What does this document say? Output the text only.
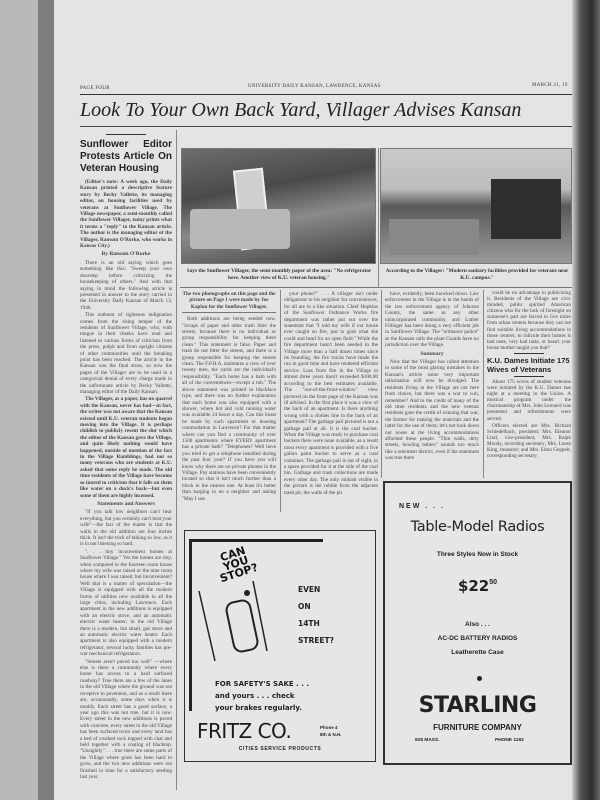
PAGE FOUR	UNIVERSITY DAILY KANSAN, LAWRENCE, KANSAS	MARCH 21, 19
Look To Your Own Back Yard, Villager Advises Kansan
Sunflower Editor Protests Article On Veteran Housing

(Editor's note: A week ago, the Daily Kansan printed a descriptive feature story by Becky Vallette, its managing editor, on housing facilities used by veterans at Sunflower Village. The Village newspaper, a semi-monthly called the Sunflower Villager, today prints what it terms a "reply" to the Kansan article. The author is the managing editor of the Villager, Ransom O'Rorke, who works in Kansas City.)

By Ransom O'Rorke

There is an old saying which goes something like this: "Sweep your own doorstep before criticizing the housekeeping of others." And with that saying in mind the following article is presented in answer to the story carried in the University Daily Kansan of March 13, 1946.

This outburst of righteous indignation comes from the rising temper of the residents of Sunflower Village, who, with tongue in their cheeks have read and listened to various forms of criticism from the press, pulpit and from upright citizens of other communities until the breaking point has been reached. The article in the Kansan was the final straw, so now the pages of the Villager are to be used in a categorical denial of every charge made in the unfortunate article by Becky Vallette, managing editor of the Daily Kansan.

The Villager, as a paper, has no quarrel with the Kansan, never has had—in fact, the writer was not aware that the Kansan existed until K.U. veteran students began moving into the Village. It is perhaps childish to publicly resent the slur which the editor of the Kansan gave the Village, and quite likely nothing would have happened, outside of mention of the fact in the Village Ramblings, had not so many veterans who are students at K.U. asked that some reply be made. The old time residents of the Village have become so inured to criticism that it falls on them like water on a duck's back—but even some of them are highly incensed.

Statements and Answers

"If you talk low neighbors can't hear everything, but you certainly can't beat your wife"—the fact of the matter is that the walls in the old addition are four inches thick. It isn't the trick of talking so low, as it is in not listening so hard.

". . . tiny inconvenient homes at Sunflower Village." Yes the homes are tiny, when compared to the fourteen room house where my wife was raised or the nine room house where I was raised, but inconvenient? Well that is a matter of speculation—the Village is equipped with all the modern forms of utilities now available in all the large cities, including Lawrence. Each apartment in the new additions is equipped with an electric stove, and an automatic electric water heater; in the old Village there is a modern, but small, gas stove and an automatic electric water heater. Each apartment is also equipped with a modern refrigerator, several lucky families has pre-war mechanical refrigerators.

"Streets aren't paved too well" —where else is there a community where every home has access to a hard surfaced roadway? True there are a few of the lanes in the old Village where the ground was not receptive to pavement, and as a result there are, occasionally, some days when it is muddy. Each street has a good surface, a year ago this was not true, but it is now. Every street in the new additions is paved with concrete, every street in the old Village has been surfaced twice and every land has a bed of crushed rock topped with chat and held together with a coating of blacktop. "Unsightly" . . . true there are some parts of the Village where grass has been hard to grow, and the two new additions were not finished in time for a satisfactory seeding last year.

Says the Sunflower Villager, the semi-monthly paper of the area: "No refrigerator here. Another view of K.U. veteran housing."
According to the Villager: "Modern sanitary facilities provided for veterans near K.U. campus."

The two photographs on this page and the picture on Page 1 were made by Joe Kaplan for the Sunflower Villager.

Both additions are being seeded now. "Scraps of paper and other trash litter the streets, because there is no individual or group responsibility for keeping them clean." This statement is false. Paper and trash do not litter the streets, and there is a group responsible for keeping the streets clean. The F.P.H.A. maintains a crew of over twenty men, the yards are the individual's responsibility. "Each home has a bath with all of the conveniences—except a tub." The above statement was printed in blackface type, and there was no further explanation that each home was also equipped with a shower, where hot and cold running water was available 24 hours a day. Can this boast be made by each apartment or housing commodation in Lawrence? For that matter where can you find a community of over 1500 apartments where EVERY apartment has a private bath? "Telephones? Well have you tried to get a telephone installed during the past four year? If you have you will know why there are no private phones in the Village. Pay stations have been conveniently located so that it isn't much further than a block to the nearest one. At least it's better than barging in on a neighbor and asking "May I use

your phone?" . . . A villager isn't under obligations to his neighbor for conveniences, for all are in a like situation. Chief Hopkins of the Sunflower Ordnance Works fire department was rather put out over the statement that "I told my wife if our house ever caught on fire, just to grab what she could and head for an open field." While the fire department hasn't been needed in the Village more than a half dozen times since its founding, the fire trucks have made the run in good time and have rendered efficient service. Loss from fire in the Village in almost three years hasn't exceeded $100.00 according to the best estimates available. The "out-of-the-front-window" view pictured on the front page of the Kansan was ill advised. In the first place it was a view of the back of an apartment. Is there anything wrong with a clothes line in the back of an apartment? The garbage pail pictured is not a garbage pail at all. It is the coal bucket. When the Village was ready to purchase coal buckets there were none available, as a result most every apartment is provided with a five gallon paint bucket to serve as a coal container. The garbage pail is out of sight, in a space provided for it at the side of the coal bin. Garbage and trash collections are made every other day. The only rubbish visible in the picture is the rubble from the adjacent trash pit, the walls of the pit

have, evidently, been knocked down. Law enforcement in the Village is in the hands of the law enforcement agency of Johnson County, the same as any other unincorporated community, and Luther Fillinger has been doing a very efficient job in Sunflower Village. The "ordnance police" as the Kansan calls the plant Guards have no jurisdiction over the Village.

Summary

Now that the Villager has called attention to some of the most glaring mistakes in the Kansan's article some very important information will now be divulged. The residents living in the Village are not here from choice, but there was a war to win, remember? And to the credit of many of the old time residents and the new veteran residents goes the credit of winning that war, the former for making the materials and the latter for the use of them; let's not look down our noses at the living accommodations afforded these people. "Thin walls, dirty streets, howling babies" sounds too much like a tenement district, even if the statement was true there

could be no advantage in publicizing it. Residents of the Village are civic minded, public spirited American citizens who for the lack of foresight on someone's part are forced to live miles from urban centers because they can not find suitable living accommodations in those centers; to ridicule their homes is bad taste, very bad taste, or hasn't your house mother taught you that?

K.U. Dames Initiate 175 Wives of Veterans

About 175 wives of student veterans were initiated by the K.U. Dames last night at a meeting in the Union. A musical program under the chairmanship of Mrs. John Leonard was presented and refreshments were served.

Officers elected are Mrs. Richard Schiedelbach, president; Mrs. Eleanor Lind, vice-president; Mrs. Ralph Moody, recording secretary; Mrs. Loren King, treasurer; and Mrs. Elmo Geppelt, corresponding secretary.

CAN YOU STOP?
EVEN
ON
14TH
STREET?
FOR SAFETY'S SAKE . . .
and yours . . . check
your brakes regularly.
FRITZ CO.	Phone 4
8th & N.H.
CITIES SERVICE PRODUCTS
NEW . . .
Table-Model Radios
Three Styles Now in Stock
$\$22^{50}$
Also . . .
AC-DC BATTERY RADIOS
Leatherette Case
STARLING
FURNITURE COMPANY
928 MASS.	PHONE 1192
